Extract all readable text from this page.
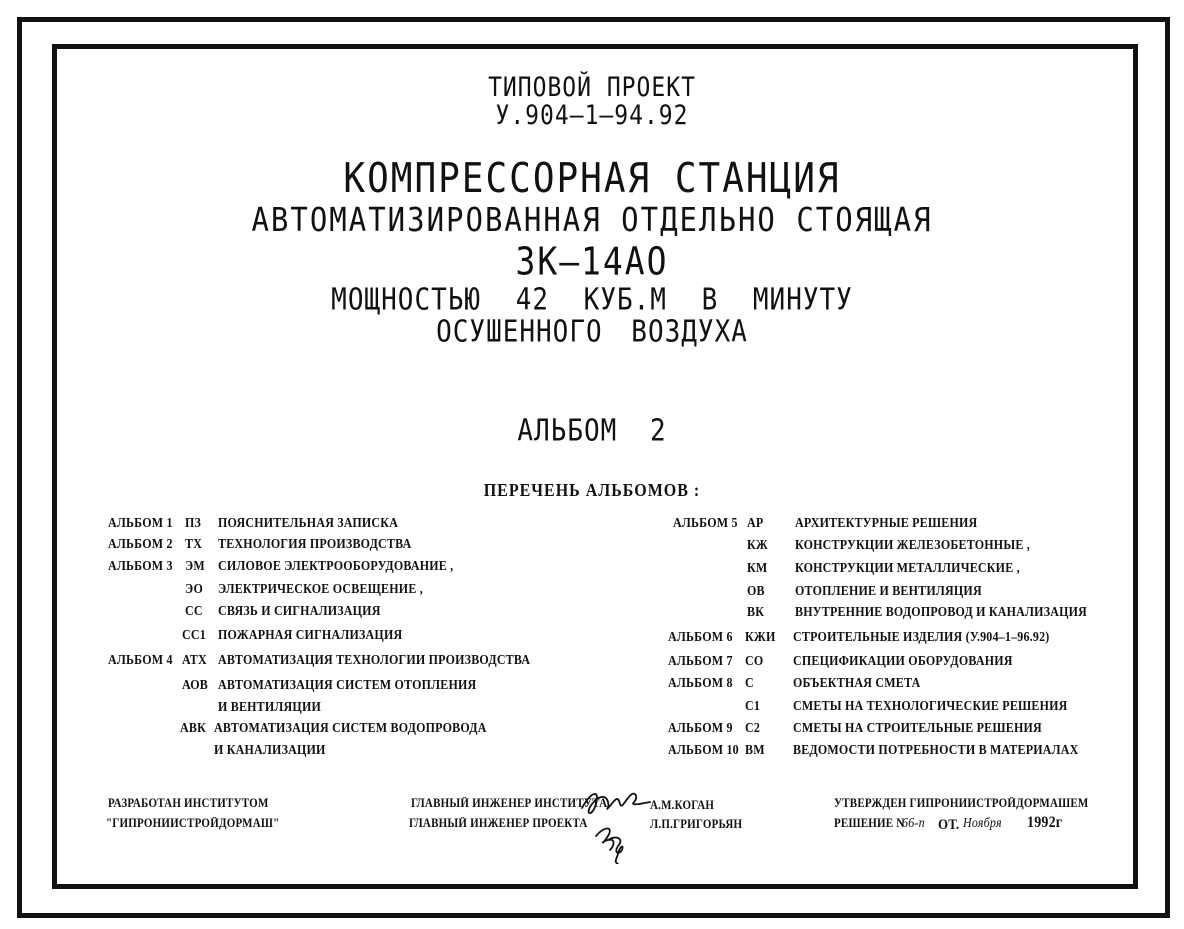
ТИПОВОЙ ПРОЕКТ
У.904–1–94.92
КОМПРЕССОРНАЯ СТАНЦИЯ
АВТОМАТИЗИРОВАННАЯ ОТДЕЛЬНО СТОЯЩАЯ
ЗК–14АО
МОЩНОСТЬЮ 42 КУБ.М В МИНУТУ
ОСУШЕННОГО ВОЗДУХА
АЛЬБОМ 2
ПЕРЕЧЕНЬ АЛЬБОМОВ :
АЛЬБОМ 1 ПЗ ПОЯСНИТЕЛЬНАЯ ЗАПИСКА
АЛЬБОМ 2 ТХ ТЕХНОЛОГИЯ ПРОИЗВОДСТВА
АЛЬБОМ 3 ЭМ СИЛОВОЕ ЭЛЕКТРООБОРУДОВАНИЕ ,
ЭО ЭЛЕКТРИЧЕСКОЕ ОСВЕЩЕНИЕ ,
СС СВЯЗЬ И СИГНАЛИЗАЦИЯ
СС1 ПОЖАРНАЯ СИГНАЛИЗАЦИЯ
АЛЬБОМ 4 АТХ АВТОМАТИЗАЦИЯ ТЕХНОЛОГИИ ПРОИЗВОДСТВА
АОВ АВТОМАТИЗАЦИЯ СИСТЕМ ОТОПЛЕНИЯ
И ВЕНТИЛЯЦИИ
АВК АВТОМАТИЗАЦИЯ СИСТЕМ ВОДОПРОВОДА
И КАНАЛИЗАЦИИ
АЛЬБОМ 5 АР	АРХИТЕКТУРНЫЕ РЕШЕНИЯ
КЖ КОНСТРУКЦИИ ЖЕЛЕЗОБЕТОННЫЕ ,
КМ КОНСТРУКЦИИ МЕТАЛЛИЧЕСКИЕ ,
ОВ	ОТОПЛЕНИЕ И ВЕНТИЛЯЦИЯ
ВК	ВНУТРЕННИЕ ВОДОПРОВОД И КАНАЛИЗАЦИЯ
АЛЬБОМ 6 КЖИ СТРОИТЕЛЬНЫЕ ИЗДЕЛИЯ (У.904–1–96.92)
АЛЬБОМ 7 СО СПЕЦИФИКАЦИИ ОБОРУДОВАНИЯ
АЛЬБОМ 8 С	ОБЪЕКТНАЯ СМЕТА
С1	СМЕТЫ НА ТЕХНОЛОГИЧЕСКИЕ РЕШЕНИЯ
АЛЬБОМ 9 С2	СМЕТЫ НА СТРОИТЕЛЬНЫЕ РЕШЕНИЯ
АЛЬБОМ 10 ВМ ВЕДОМОСТИ ПОТРЕБНОСТИ В МАТЕРИАЛАХ
РАЗРАБОТАН ИНСТИТУТОМ
"ГИПРОНИИСТРОЙДОРМАШ"
ГЛАВНЫЙ ИНЖЕНЕР ИНСТИТУТА
ГЛАВНЫЙ ИНЖЕНЕР ПРОЕКТА
А.М.КОГАН
Л.П.ГРИГОРЬЯН
УТВЕРЖДЕН ГИПРОНИИСТРОЙДОРМАШЕМ
РЕШЕНИЕ N
66-п ОТ. Ноября 1992г
